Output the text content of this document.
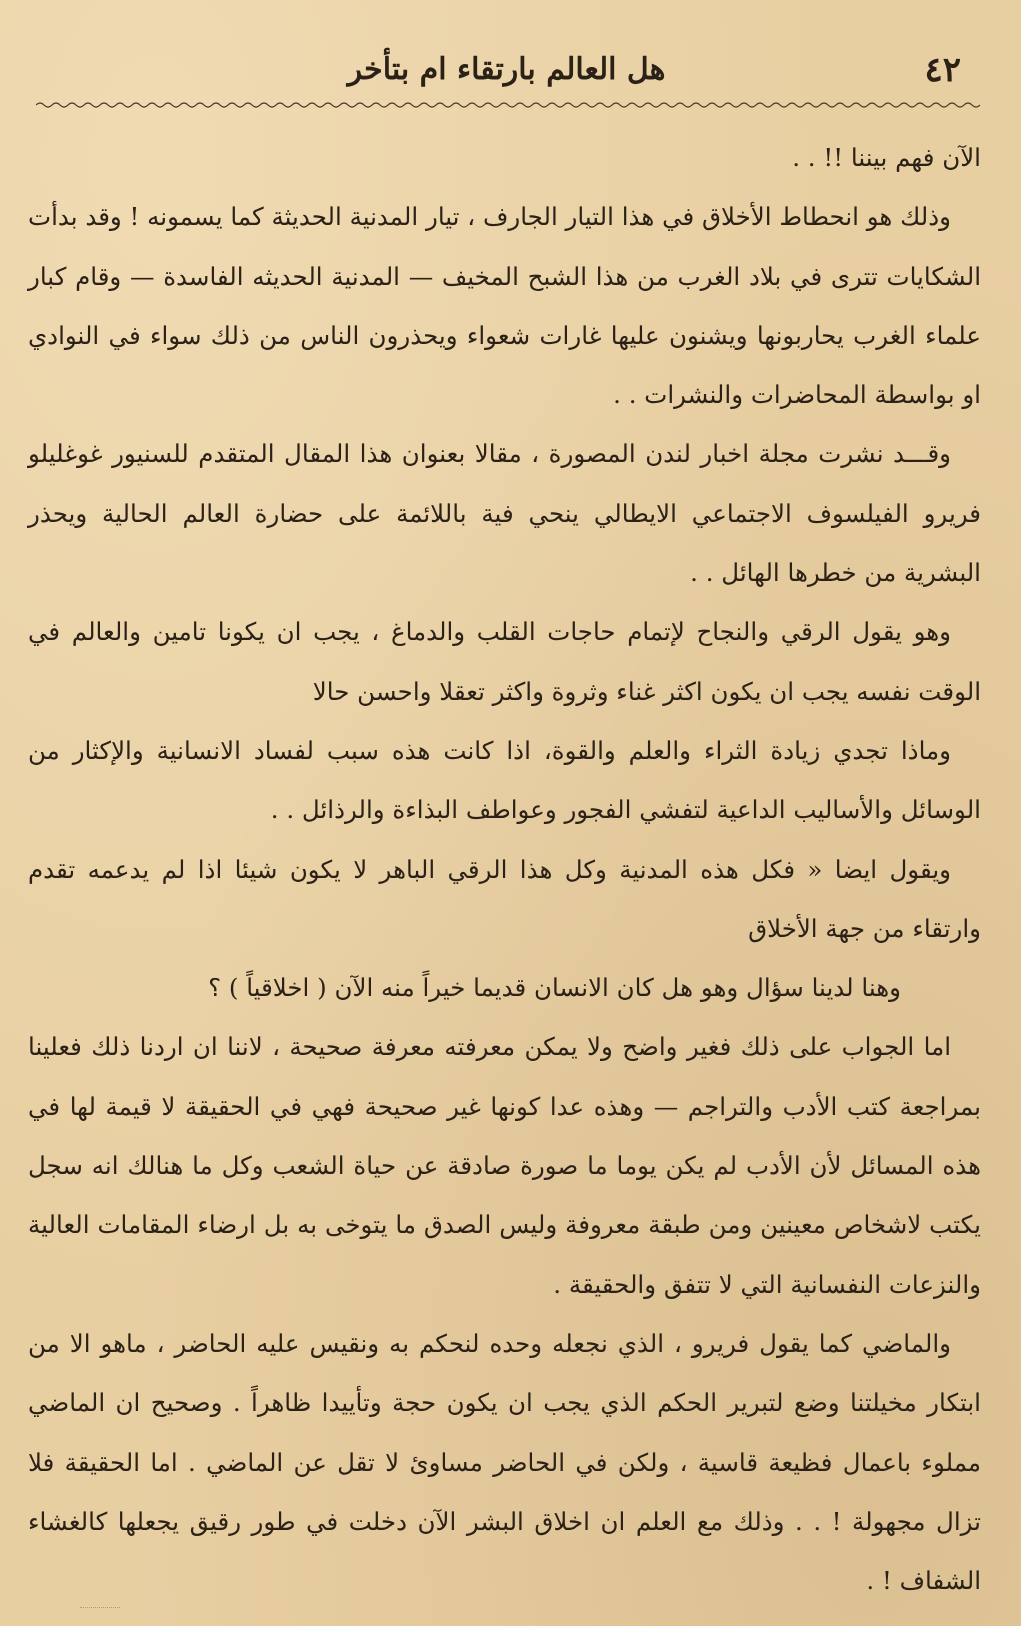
٤٢
هل العالم بارتقاء ام بتأخر

الآن فهم بيننا !! . .

وذلك هو انحطاط الأخلاق في هذا التيار الجارف ، تيار المدنية الحديثة كما يسمونه ! وقد بدأت الشكايات تترى في بلاد الغرب من هذا الشبح المخيف — المدنية الحديثه الفاسدة — وقام كبار علماء الغرب يحاربونها ويشنون عليها غارات شعواء ويحذرون الناس من ذلك سواء في النوادي او بواسطة المحاضرات والنشرات . .

وقـــد نشرت مجلة اخبار لندن المصورة ، مقالا بعنوان هذا المقال المتقدم للسنيور غوغليلو فريرو الفيلسوف الاجتماعي الايطالي ينحي فية باللائمة على حضارة العالم الحالية ويحذر البشرية من خطرها الهائل . .

وهو يقول الرقي والنجاح لإتمام حاجات القلب والدماغ ، يجب ان يكونا تامين والعالم في الوقت نفسه يجب ان يكون اكثر غناء وثروة واكثر تعقلا واحسن حالا

وماذا تجدي زيادة الثراء والعلم والقوة، اذا كانت هذه سبب لفساد الانسانية والإكثار من الوسائل والأساليب الداعية لتفشي الفجور وعواطف البذاءة والرذائل . .

ويقول ايضا « فكل هذه المدنية وكل هذا الرقي الباهر لا يكون شيئا اذا لم يدعمه تقدم وارتقاء من جهة الأخلاق

وهنا لدينا سؤال وهو هل كان الانسان قديما خيراً منه الآن ( اخلاقياً ) ؟

اما الجواب على ذلك فغير واضح ولا يمكن معرفته معرفة صحيحة ، لاننا ان اردنا ذلك فعلينا بمراجعة كتب الأدب والتراجم — وهذه عدا كونها غير صحيحة فهي في الحقيقة لا قيمة لها في هذه المسائل لأن الأدب لم يكن يوما ما صورة صادقة عن حياة الشعب وكل ما هنالك انه سجل يكتب لاشخاص معينين ومن طبقة معروفة وليس الصدق ما يتوخى به بل ارضاء المقامات العالية والنزعات النفسانية التي لا تتفق والحقيقة .

والماضي كما يقول فريرو ، الذي نجعله وحده لنحكم به ونقيس عليه الحاضر ، ماهو الا من ابتكار مخيلتنا وضع لتبرير الحكم الذي يجب ان يكون حجة وتأييدا ظاهراً . وصحيح ان الماضي مملوء باعمال فظيعة قاسية ، ولكن في الحاضر مساوئ لا تقل عن الماضي . اما الحقيقة فلا تزال مجهولة ! . . وذلك مع العلم ان اخلاق البشر الآن دخلت في طور رقيق يجعلها كالغشاء الشفاف ! .
